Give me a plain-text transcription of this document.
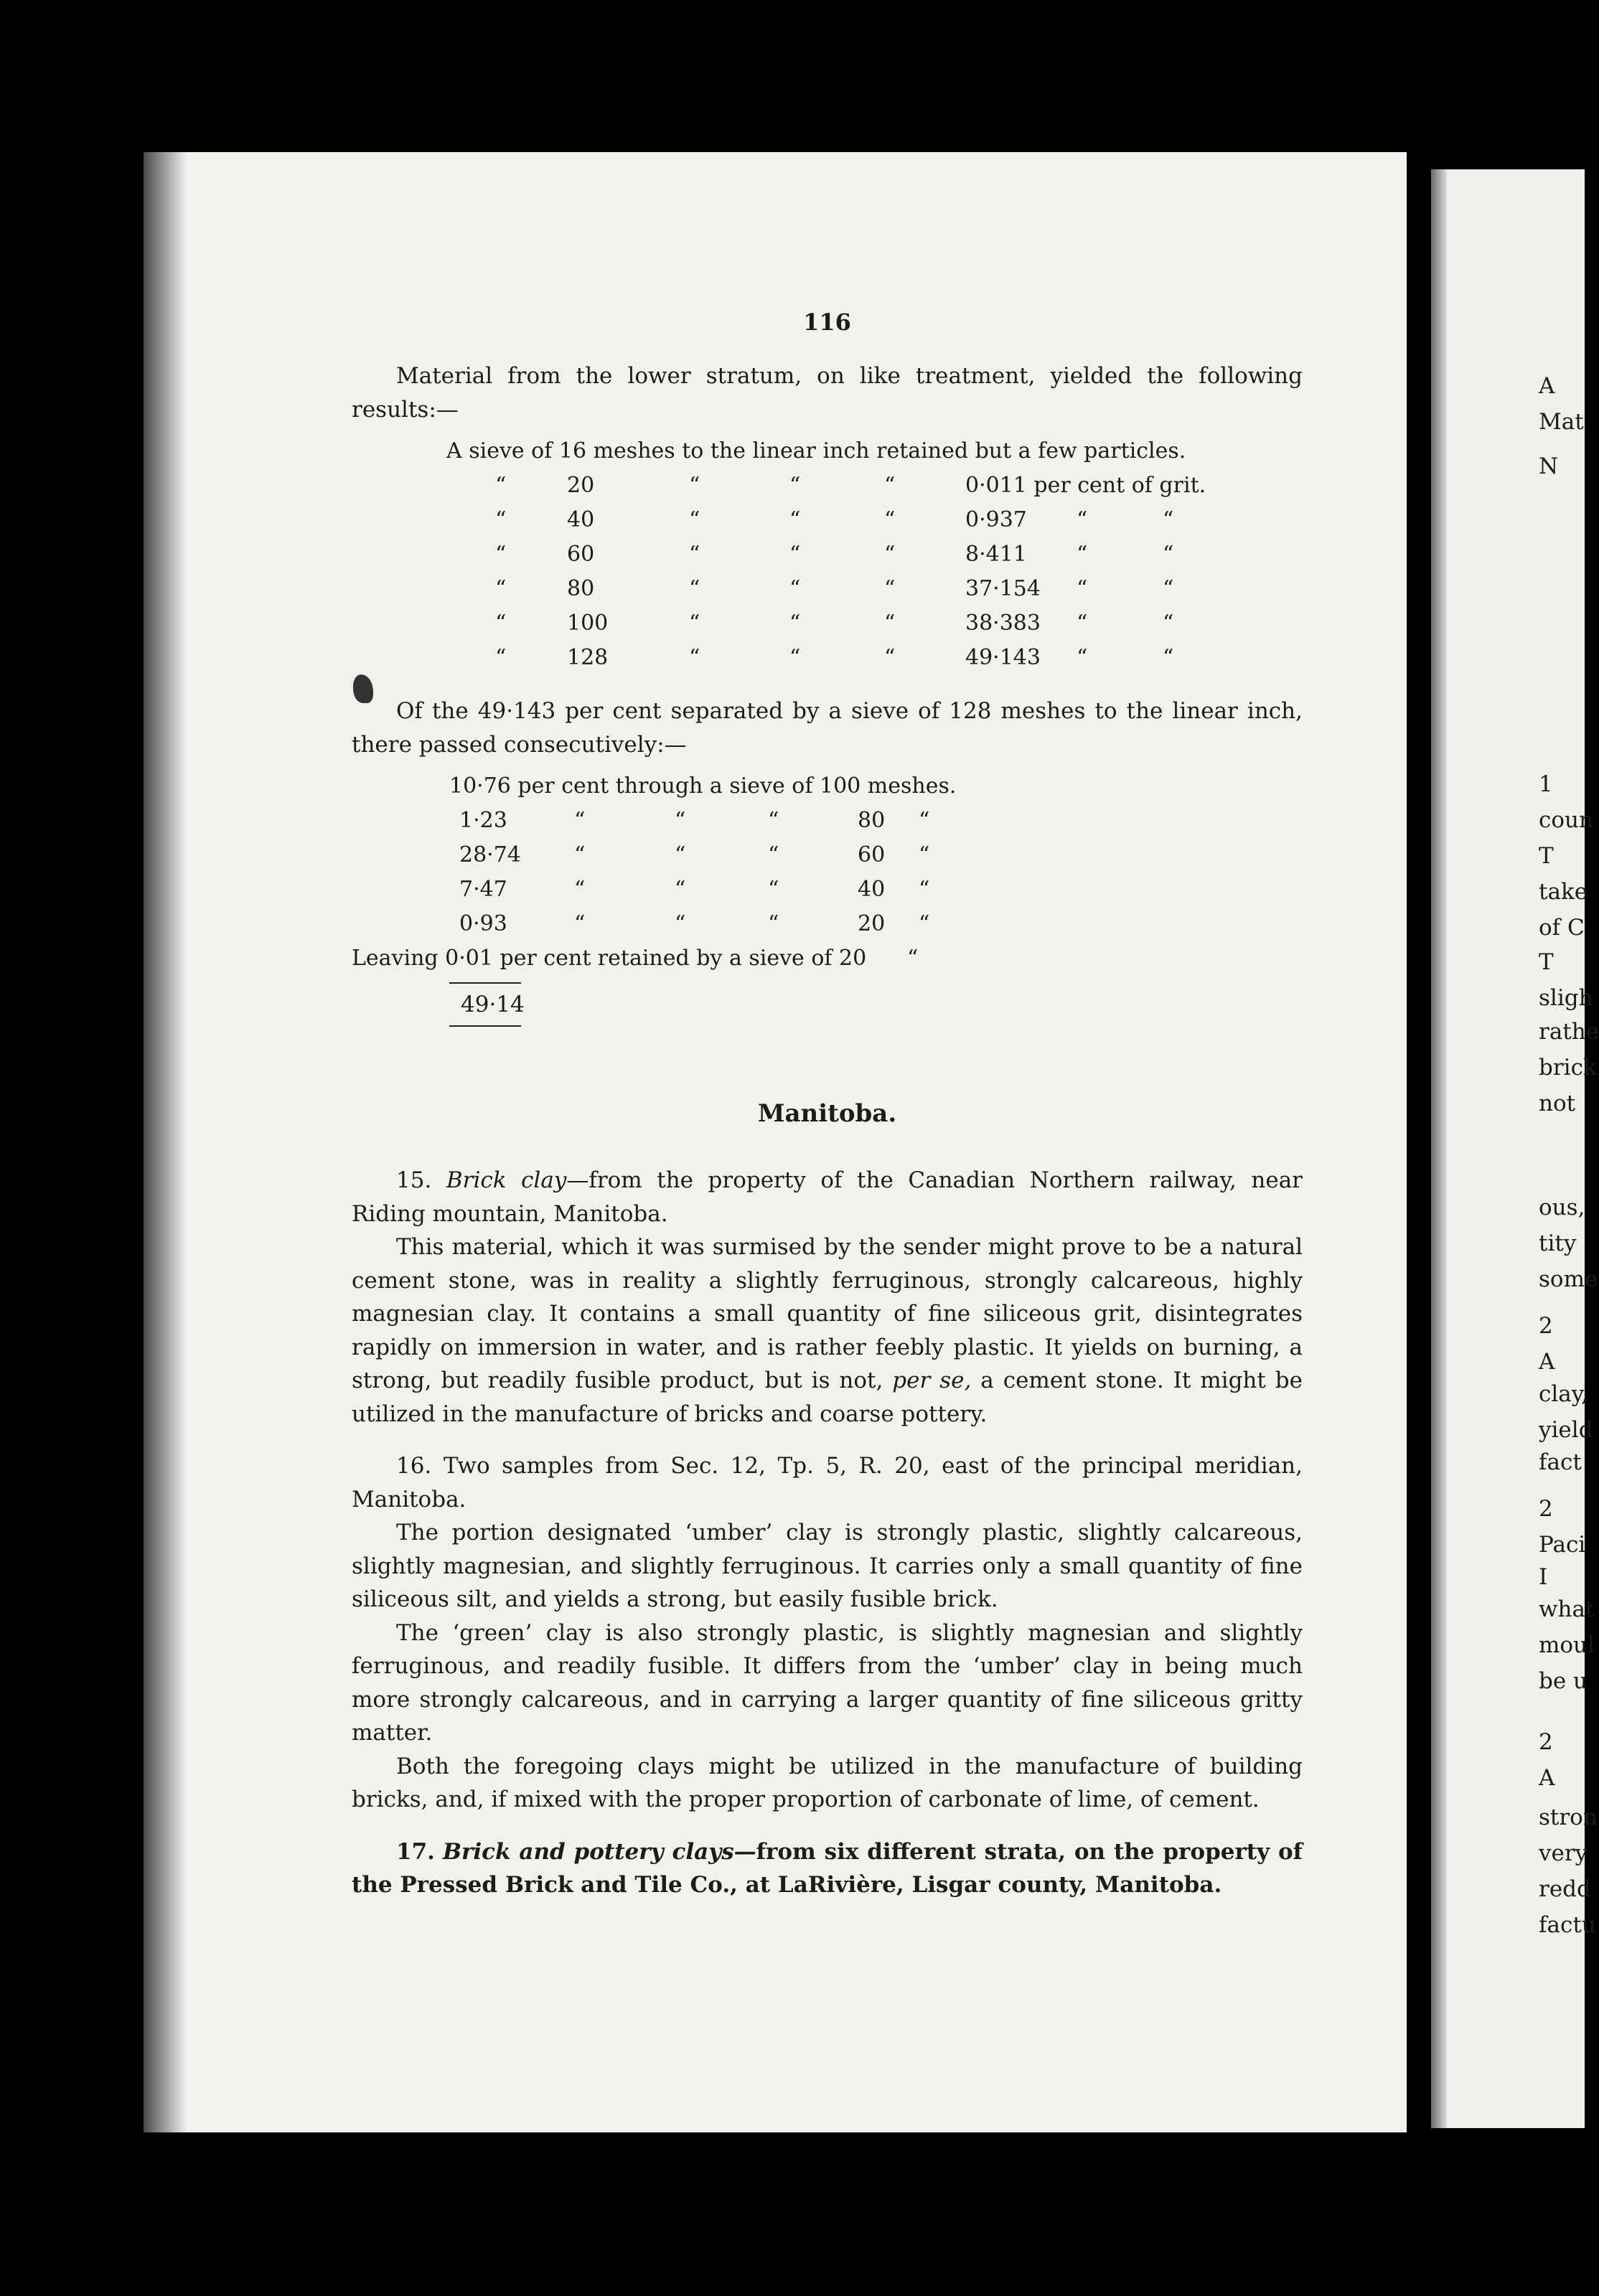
A
Mat
N
1
coun
T
take
of C
T
sligh
rathe
brick
not
ous,
tity
some
2
A
clay,
yield
fact
2
Paci
I
what
moul
be u
2
A
stron
very
redd
factu
116

Material from the lower stratum, on like treatment, yielded the following results:—

A sieve of 16 meshes to the linear inch retained but a few particles.
“	20	“	“	“	0·011 per cent of grit.
“	40	“	“	“	0·937 “	“
“	60	“	“	“	8·411 “	“
“	80	“	“	“	37·154 “	“
“	100	“	“	“	38·383 “	“
“	128	“	“	“	49·143 “	“

Of the 49·143 per cent separated by a sieve of 128 meshes to the linear inch, there passed consecutively:—

10·76 per cent through a sieve of 100 meshes.
1·23	“	“	“	80 “
28·74 “	“	“	60 “
7·47	“	“	“	40 “
0·93	“	“	“	20 “
Leaving 0·01 per cent retained by a sieve of 20 “
49·14
Manitoba.

15. Brick clay—from the property of the Canadian Northern railway, near Riding mountain, Manitoba.

This material, which it was surmised by the sender might prove to be a natural cement stone, was in reality a slightly ferruginous, strongly calcareous, highly magnesian clay. It contains a small quantity of fine siliceous grit, disintegrates rapidly on immersion in water, and is rather feebly plastic. It yields on burning, a strong, but readily fusible product, but is not, per se, a cement stone. It might be utilized in the manufacture of bricks and coarse pottery.

16. Two samples from Sec. 12, Tp. 5, R. 20, east of the principal meridian, Manitoba.

The portion designated ‘umber’ clay is strongly plastic, slightly calcareous, slightly magnesian, and slightly ferruginous. It carries only a small quantity of fine siliceous silt, and yields a strong, but easily fusible brick.

The ‘green’ clay is also strongly plastic, is slightly magnesian and slightly ferruginous, and readily fusible. It differs from the ‘umber’ clay in being much more strongly calcareous, and in carrying a larger quantity of fine siliceous gritty matter.

Both the foregoing clays might be utilized in the manufacture of building bricks, and, if mixed with the proper proportion of carbonate of lime, of cement.

17. Brick and pottery clays—from six different strata, on the property of the Pressed Brick and Tile Co., at LaRivière, Lisgar county, Manitoba.
